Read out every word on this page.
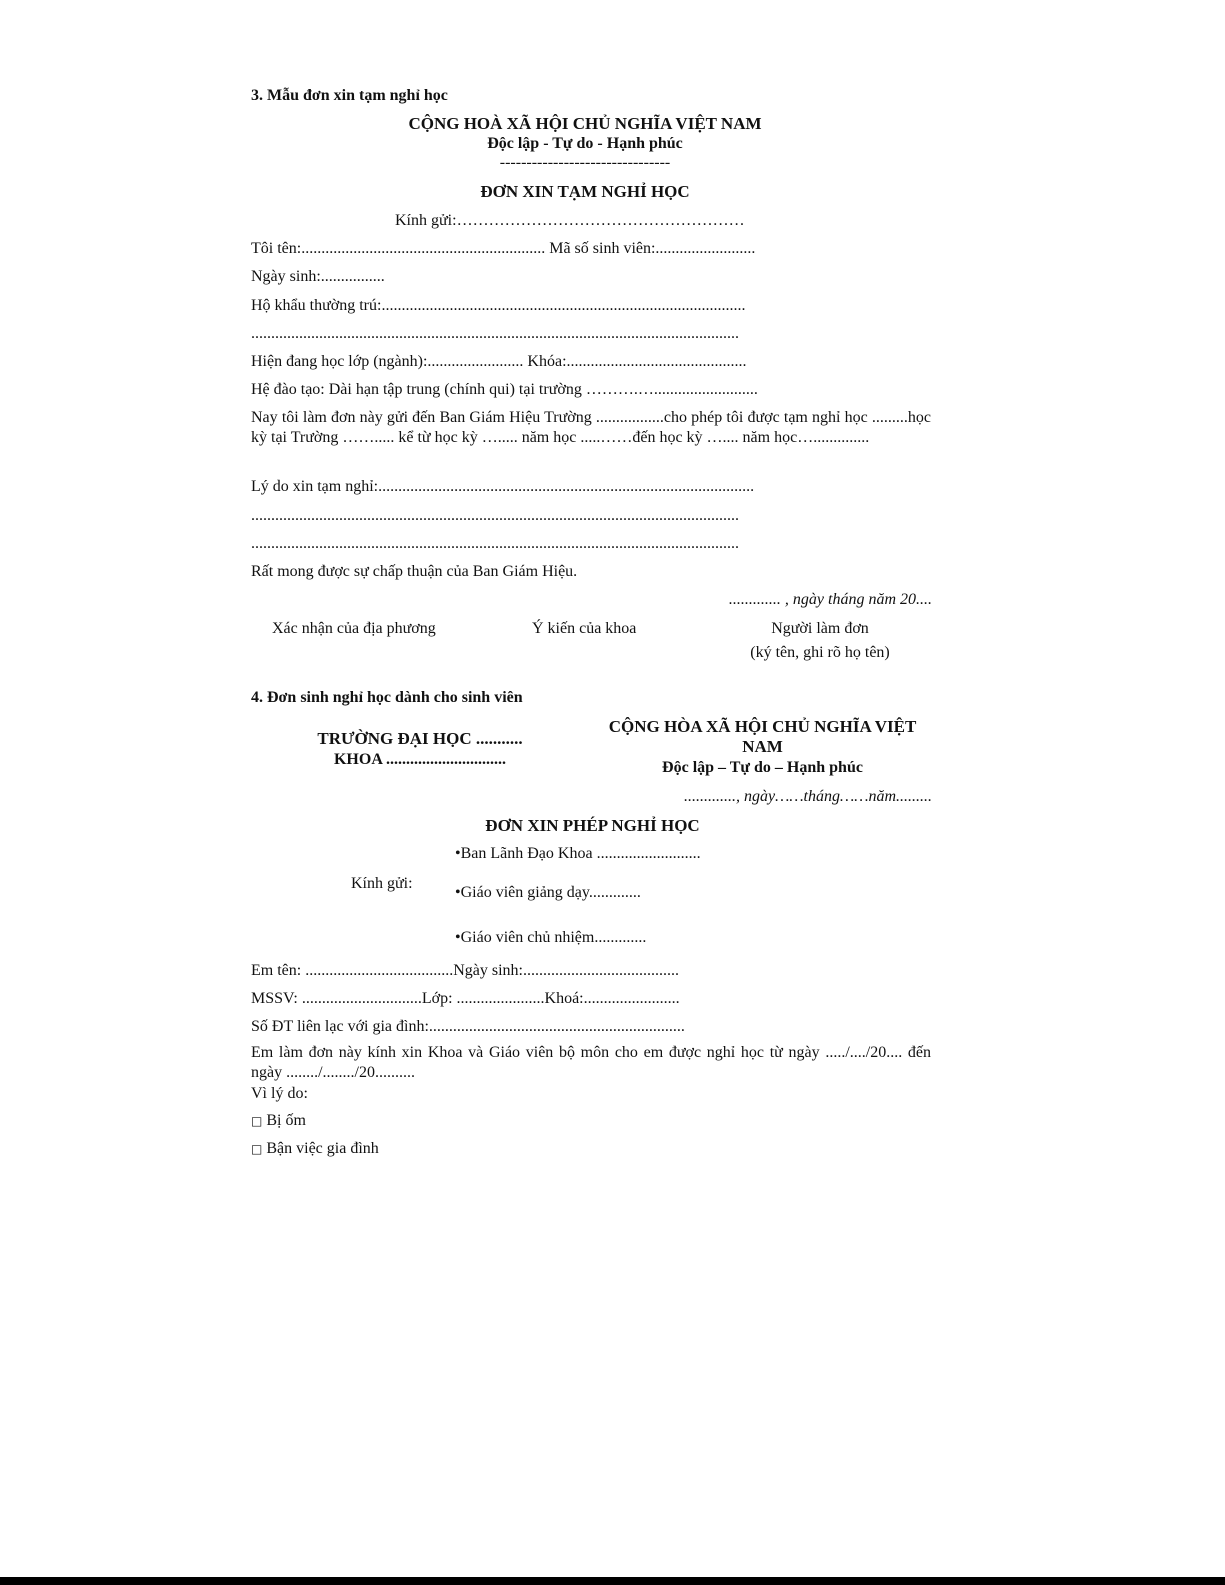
3. Mẫu đơn xin tạm nghỉ học
CỘNG HOÀ XÃ HỘI CHỦ NGHĨA VIỆT NAM
Độc lập - Tự do - Hạnh phúc
--------------------------------
ĐƠN XIN TẠM NGHỈ HỌC
Kính gửi:………………………………………………
Tôi tên:............................................................. Mã số sinh viên:.........................
Ngày sinh:................
Hộ khẩu thường trú:...........................................................................................
..........................................................................................................................
Hiện đang học lớp (ngành):........................ Khóa:.............................................
Hệ đào tạo: Dài hạn tập trung (chính qui) tại trường ……….…..........................
Nay tôi làm đơn này gửi đến Ban Giám Hiệu Trường .................cho phép tôi được tạm nghỉ học .........học kỳ tại Trường ……..... kể từ học kỳ …..... năm học .....……đến học kỳ ….... năm học…..............
Lý do xin tạm nghỉ:..............................................................................................
..........................................................................................................................
..........................................................................................................................
Rất mong được sự chấp thuận của Ban Giám Hiệu.
............. , ngày tháng năm 20....
Xác nhận của địa phương	Ý kiến của khoa	Người làm đơn
(ký tên, ghi rõ họ tên)
4. Đơn sinh nghỉ học dành cho sinh viên
TRƯỜNG ĐẠI HỌC ...........
KHOA ..............................
CỘNG HÒA XÃ HỘI CHỦ NGHĨA VIỆT
NAM
Độc lập – Tự do – Hạnh phúc
............., ngày……tháng……năm.........
ĐƠN XIN PHÉP NGHỈ HỌC
Kính gửi:
•Ban Lãnh Đạo Khoa ..........................
•Giáo viên giảng dạy.............
•Giáo viên chủ nhiệm.............
Em tên: .....................................Ngày sinh:.......................................
MSSV: ..............................Lớp: ......................Khoá:........................
Số ĐT liên lạc với gia đình:................................................................
Em làm đơn này kính xin Khoa và Giáo viên bộ môn cho em được nghỉ học từ ngày ...../..../20.... đến ngày ......../......../20..........
Vì lý do:
□ Bị ốm
□ Bận việc gia đình
